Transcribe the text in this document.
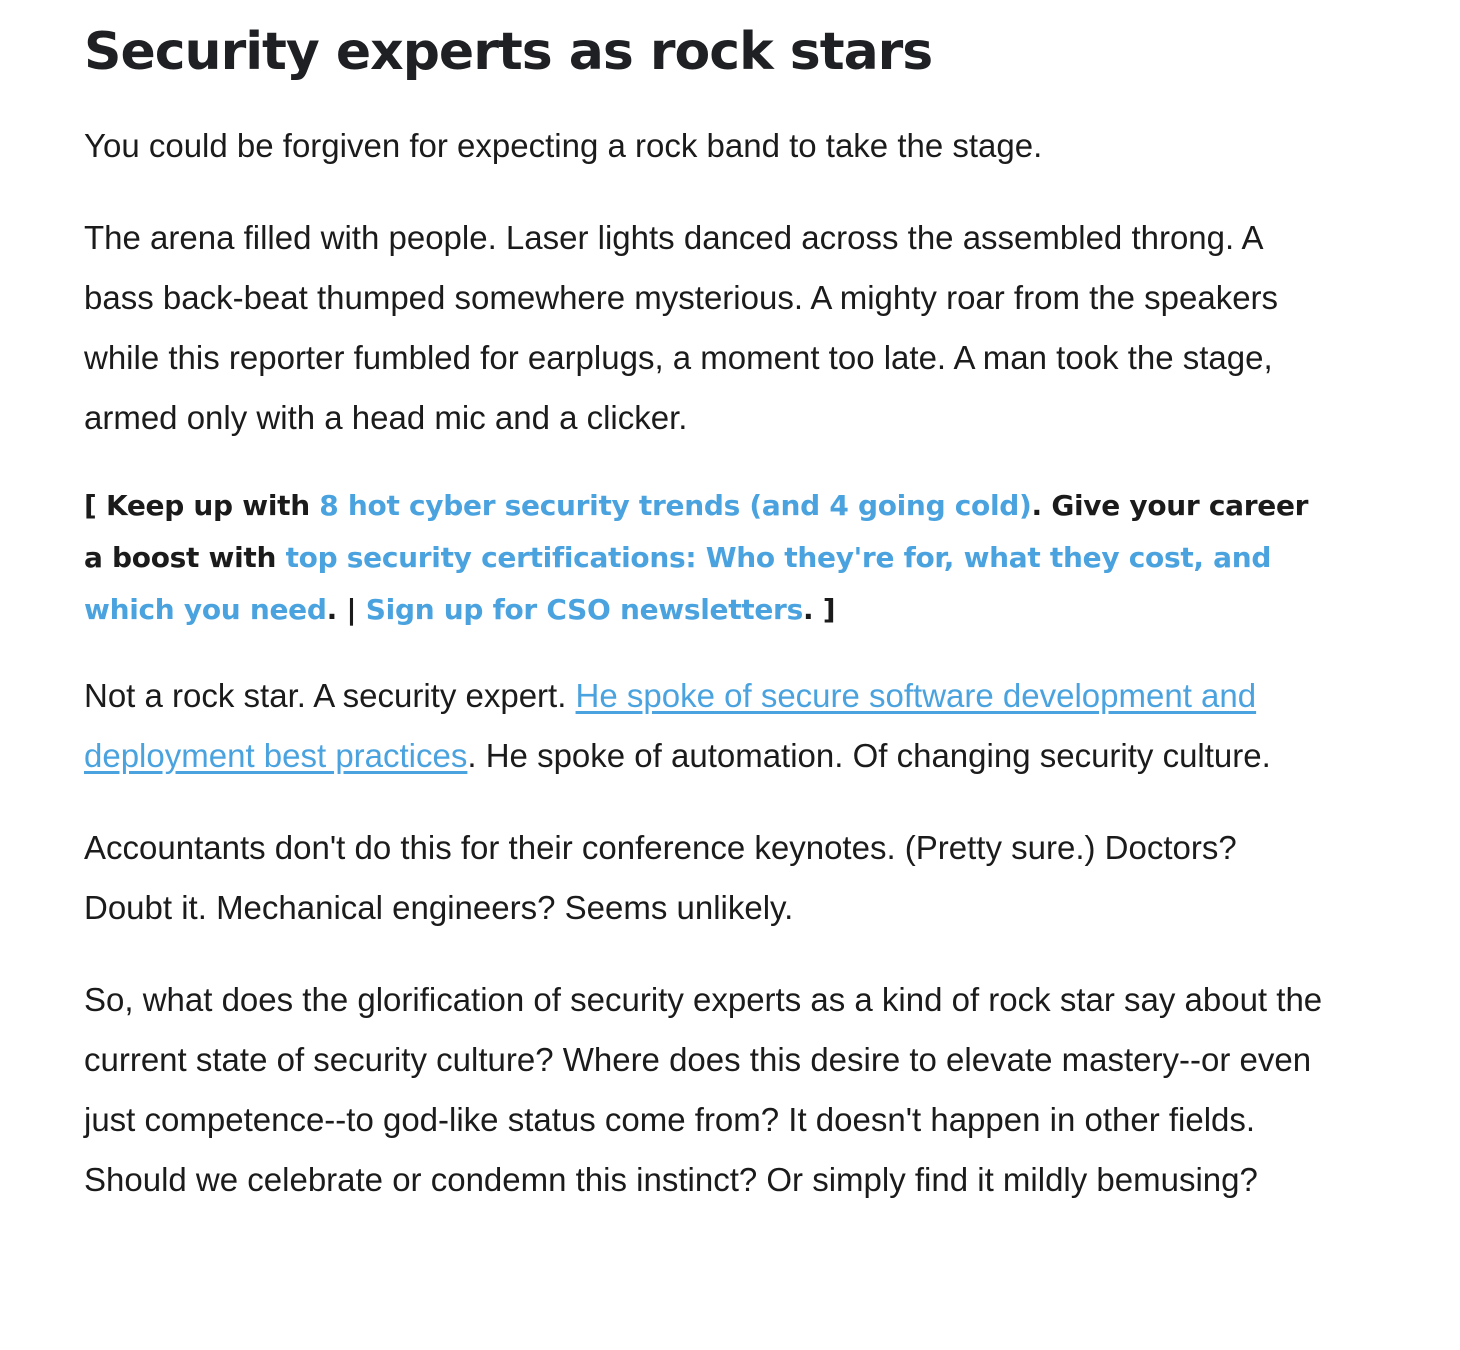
Security experts as rock stars

You could be forgiven for expecting a rock band to take the stage.

The arena filled with people. Laser lights danced across the assembled throng. A bass back-beat thumped somewhere mysterious. A mighty roar from the speakers while this reporter fumbled for earplugs, a moment too late. A man took the stage, armed only with a head mic and a clicker.

[ Keep up with 8 hot cyber security trends (and 4 going cold). Give your career a boost with top security certifications: Who they're for, what they cost, and which you need. | Sign up for CSO newsletters. ]

Not a rock star. A security expert. He spoke of secure software development and deployment best practices. He spoke of automation. Of changing security culture.

Accountants don't do this for their conference keynotes. (Pretty sure.) Doctors? Doubt it. Mechanical engineers? Seems unlikely.

So, what does the glorification of security experts as a kind of rock star say about the current state of security culture? Where does this desire to elevate mastery--or even just competence--to god-like status come from? It doesn't happen in other fields. Should we celebrate or condemn this instinct? Or simply find it mildly bemusing?
